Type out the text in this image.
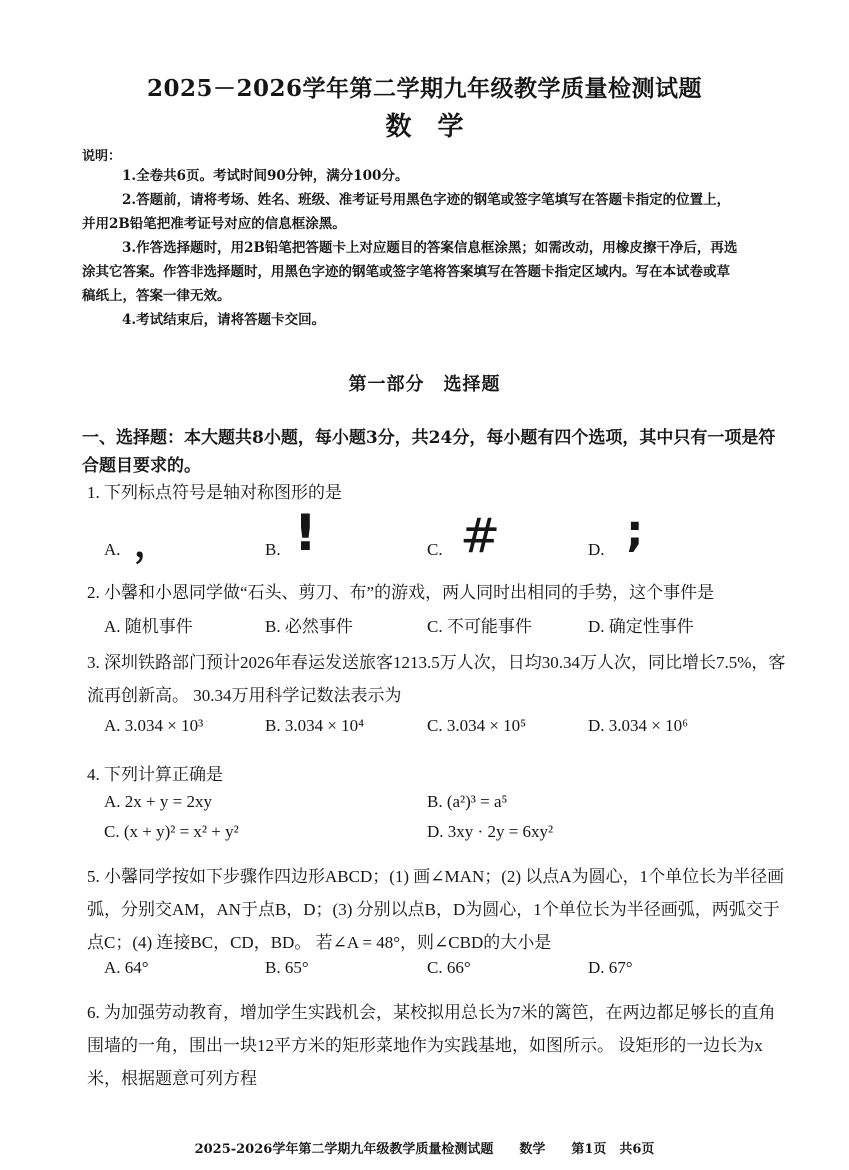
2025－2026学年第二学期九年级教学质量检测试题
数学
说明：

1.全卷共6页。考试时间90分钟，满分100分。

2.答题前，请将考场、姓名、班级、准考证号用黑色字迹的钢笔或签字笔填写在答题卡指定的位置上，并用2B铅笔把准考证号对应的信息框涂黑。

3.作答选择题时，用2B铅笔把答题卡上对应题目的答案信息框涂黑；如需改动，用橡皮擦干净后，再选涂其它答案。作答非选择题时，用黑色字迹的钢笔或签字笔将答案填写在答题卡指定区域内。写在本试卷或草稿纸上，答案一律无效。

4.考试结束后，请将答题卡交回。

第一部分　选择题

一、选择题：本大题共8小题，每小题3分，共24分，每小题有四个选项，其中只有一项是符合题目要求的。

1. 下列标点符号是轴对称图形的是

A. ，	B. !	C. #	D. ;

2. 小馨和小恩同学做“石头、剪刀、布”的游戏，两人同时出相同的手势，这个事件是

A. 随机事件	B. 必然事件	C. 不可能事件	D. 确定性事件

3. 深圳铁路部门预计2026年春运发送旅客1213.5万人次，日均30.34万人次，同比增长7.5%，客流再创新高。 30.34万用科学记数法表示为

A. 3.034 × 10³	B. 3.034 × 10⁴	C. 3.034 × 10⁵	D. 3.034 × 10⁶

4. 下列计算正确是

A. 2x + y = 2xy	B. (a²)³ = a⁵
C. (x + y)² = x² + y²	D. 3xy · 2y = 6xy²

5. 小馨同学按如下步骤作四边形ABCD；(1) 画∠MAN；(2) 以点A为圆心，1个单位长为半径画弧，分别交AM，AN于点B，D；(3) 分别以点B，D为圆心，1个单位长为半径画弧，两弧交于点C；(4) 连接BC，CD，BD。 若∠A = 48°，则∠CBD的大小是

A. 64°	B. 65°	C. 66°	D. 67°

6. 为加强劳动教育，增加学生实践机会，某校拟用总长为7米的篱笆，在两边都足够长的直角围墙的一角，围出一块12平方米的矩形菜地作为实践基地，如图所示。 设矩形的一边长为x米，根据题意可列方程

2025-2026学年第二学期九年级教学质量检测试题　　数学　　第1页　共6页
